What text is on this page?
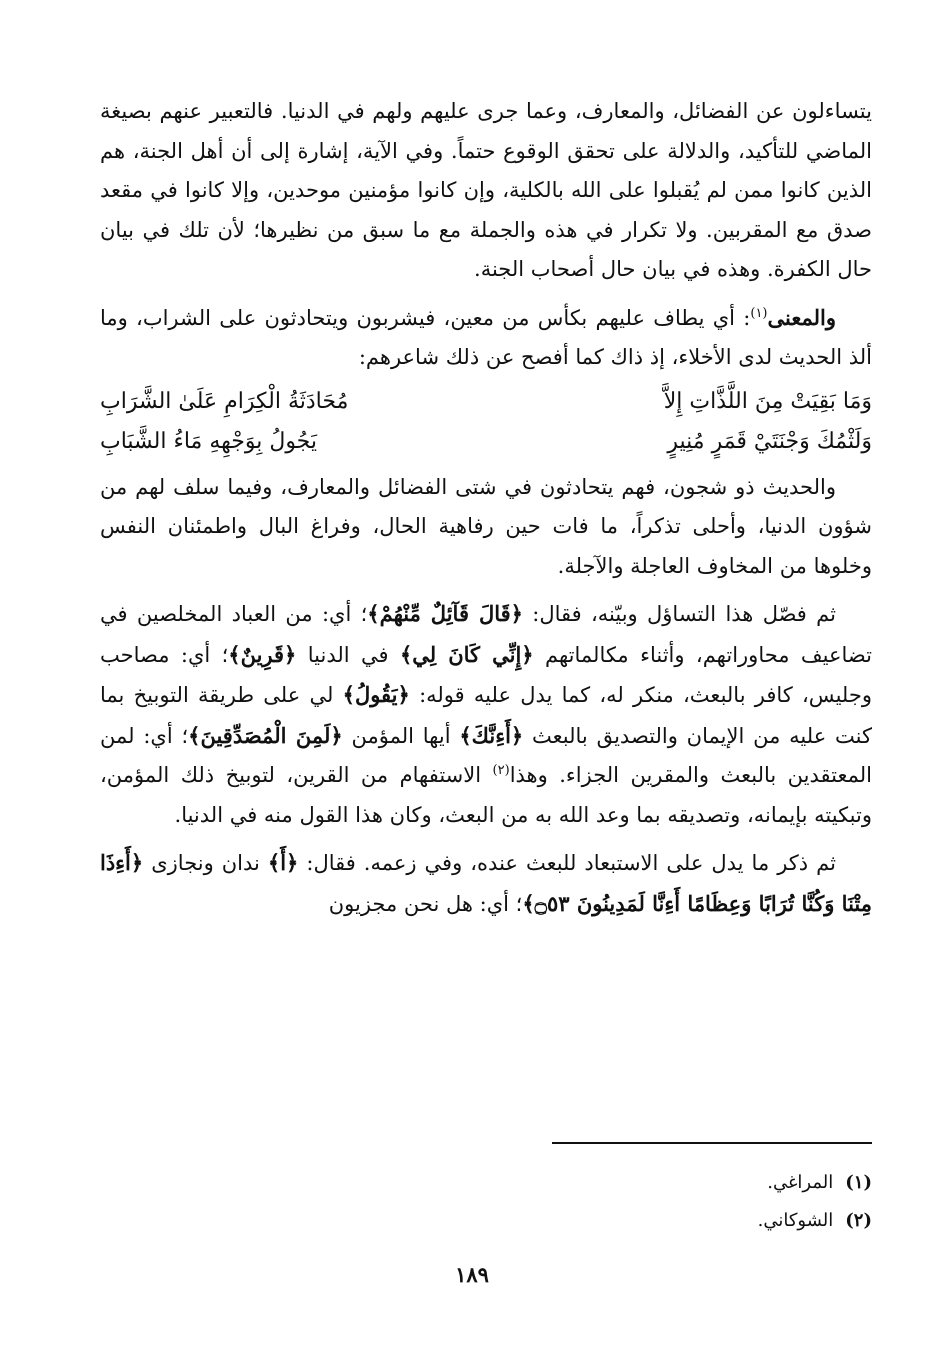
يتساءلون عن الفضائل، والمعارف، وعما جرى عليهم ولهم في الدنيا. فالتعبير عنهم بصيغة الماضي للتأكيد، والدلالة على تحقق الوقوع حتماً. وفي الآية، إشارة إلى أن أهل الجنة، هم الذين كانوا ممن لم يُقبلوا على الله بالكلية، وإن كانوا مؤمنين موحدين، وإلا كانوا في مقعد صدق مع المقربين. ولا تكرار في هذه والجملة مع ما سبق من نظيرها؛ لأن تلك في بيان حال الكفرة. وهذه في بيان حال أصحاب الجنة.

والمعنى$^{(١)}$: أي يطاف عليهم بكأس من معين، فيشربون ويتحادثون على الشراب، وما ألذ الحديث لدى الأخلاء، إذ ذاك كما أفصح عن ذلك شاعرهم:

وَمَا بَقِيَتْ مِنَ اللَّذَّاتِ إِلاَّ
مُحَادَثَةُ الْكِرَامِ عَلَىٰ الشَّرَابِ
وَلَثْمُكَ وَجْنَتَيْ قَمَرٍ مُنِيرٍ
يَجُولُ بِوَجْهِهِ مَاءُ الشَّبَابِ

والحديث ذو شجون، فهم يتحادثون في شتى الفضائل والمعارف، وفيما سلف لهم من شؤون الدنيا، وأحلى تذكراً، ما فات حين رفاهية الحال، وفراغ البال واطمئنان النفس وخلوها من المخاوف العاجلة والآجلة.

ثم فصّل هذا التساؤل وبيّنه، فقال: ﴿قَالَ قَآئِلٌ مِّنْهُمْ﴾؛ أي: من العباد المخلصين في تضاعيف محاوراتهم، وأثناء مكالماتهم ﴿إِنِّي كَانَ لِي﴾ في الدنيا ﴿قَرِينٌ﴾؛ أي: مصاحب وجليس، كافر بالبعث، منكر له، كما يدل عليه قوله: ﴿يَقُولُ﴾ لي على طريقة التوبيخ بما كنت عليه من الإيمان والتصديق بالبعث ﴿أَءِنَّكَ﴾ أيها المؤمن ﴿لَمِنَ الْمُصَدِّقِينَ﴾؛ أي: لمن المعتقدين بالبعث والمقرين الجزاء. وهذا$^{(٢)}$ الاستفهام من القرين، لتوبيخ ذلك المؤمن، وتبكيته بإيمانه، وتصديقه بما وعد الله به من البعث، وكان هذا القول منه في الدنيا.

ثم ذكر ما يدل على الاستبعاد للبعث عنده، وفي زعمه. فقال: ﴿أَ﴾ ندان ونجازى ﴿أَءِذَا مِتْنَا وَكُنَّا تُرَابًا وَعِظَامًا أَءِنَّا لَمَدِينُونَ ۝٥٣﴾؛ أي: هل نحن مجزيون

(١)المراغي.
(٢)الشوكاني.
١٨٩
